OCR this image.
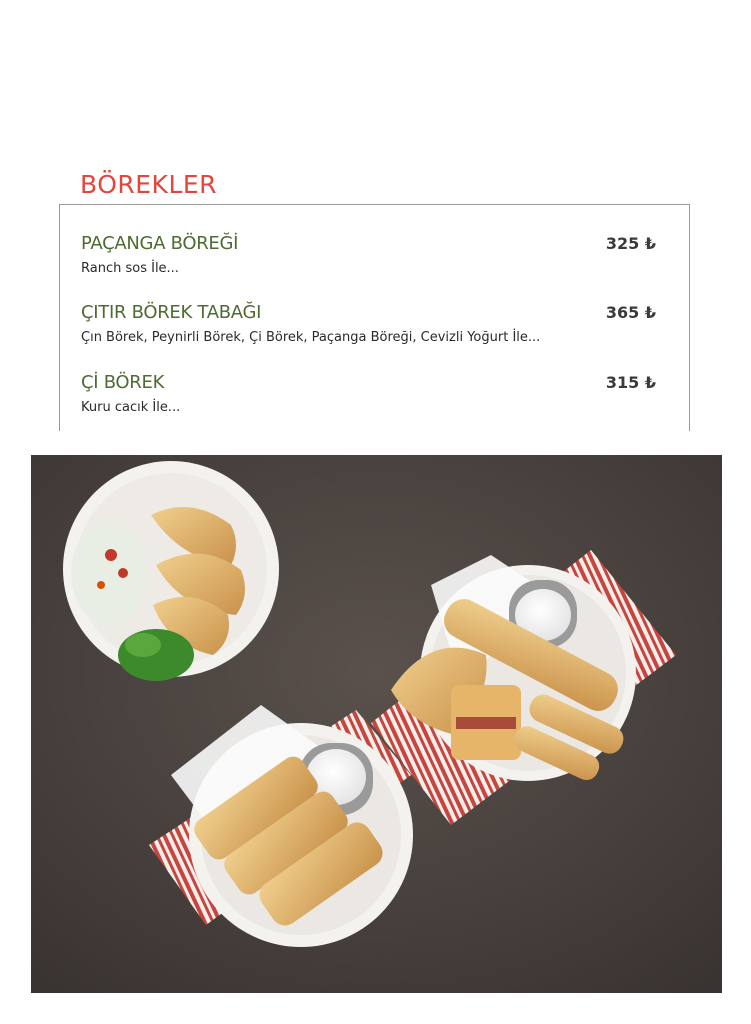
BÖREKLER
PAÇANGA BÖREĞİ	325 ₺
Ranch sos İle...
ÇITIR BÖREK TABAĞI	365 ₺
Çın Börek, Peynirli Börek, Çi Börek, Paçanga Böreği, Cevizli Yoğurt İle...
Çİ BÖREK	315 ₺
Kuru cacık İle...
